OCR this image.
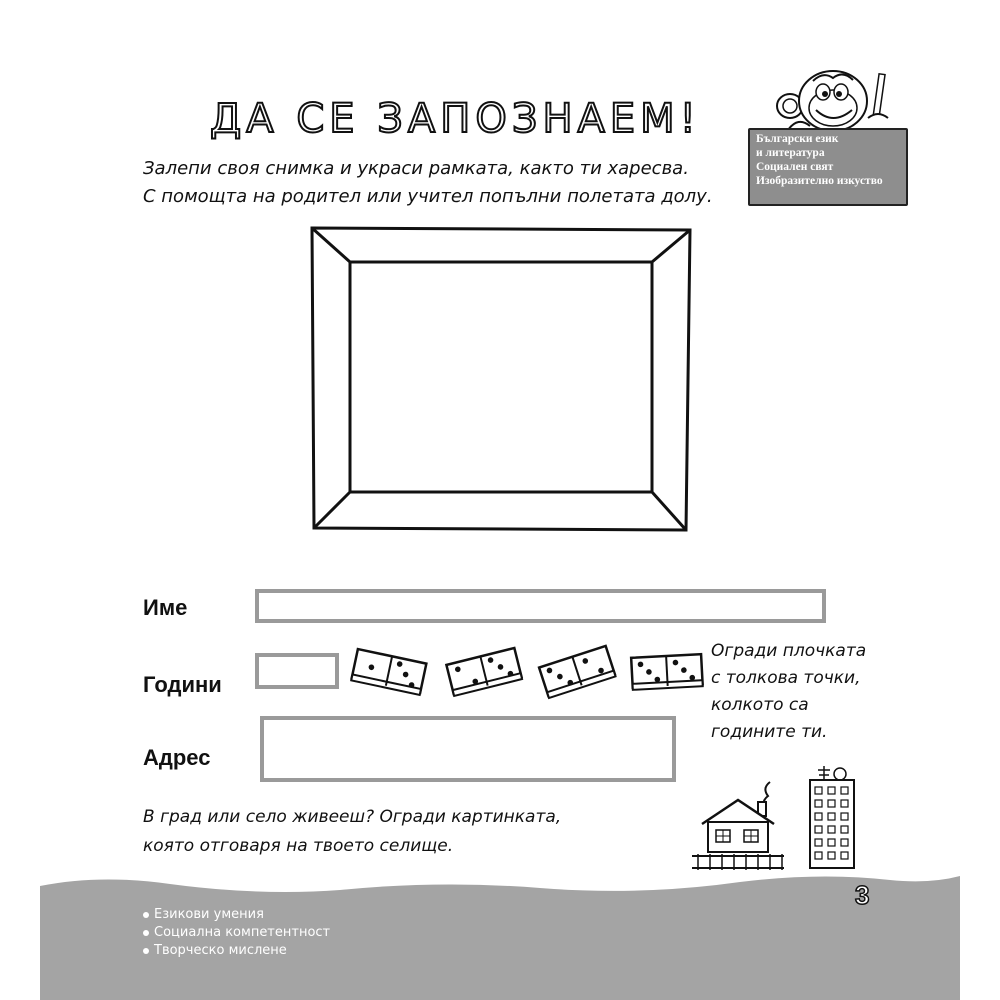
ДА СЕ ЗАПОЗНАЕМ!
Залепи своя снимка и украси рамката, както ти харесва.
С помощта на родител или учител попълни полетата долу.
Български език
и литература
Социален свят
Изобразително изкуство
Име
Години
Адрес
Огради плочката
с толкова точки,
колкото са
годините ти.
В град или село живееш? Огради картинката,
която отговаря на твоето селище.
Езикови умения
Социална компетентност
Творческо мислене
3
